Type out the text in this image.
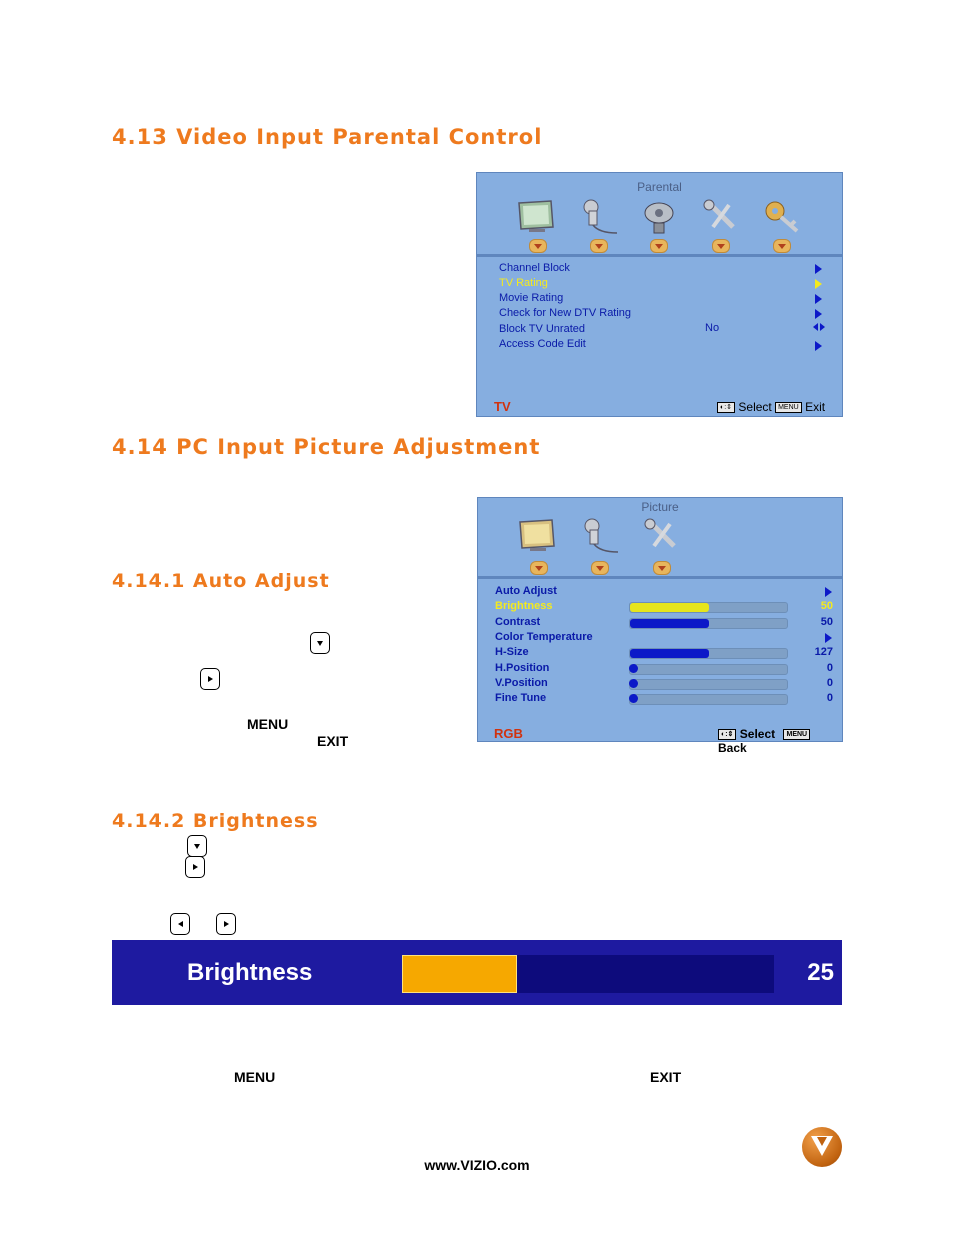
4.13 Video Input Parental Control
4.14 PC Input Picture Adjustment
4.14.1 Auto Adjust
4.14.2 Brightness
Parental
Channel Block
TV Rating
Movie Rating
Check for New DTV Rating
Block TV Unrated	No
Access Code Edit
TV	◐:⇕ Select MENU Exit
Picture
Auto Adjust
Brightness	50
Contrast	50
Color Temperature
H-Size	127
H.Position	0
V.Position	0
Fine Tune	0
RGB	◐:⇕ Select MENU Back
MENU
EXIT
Brightness	25
MENU	EXIT
www.VIZIO.com
